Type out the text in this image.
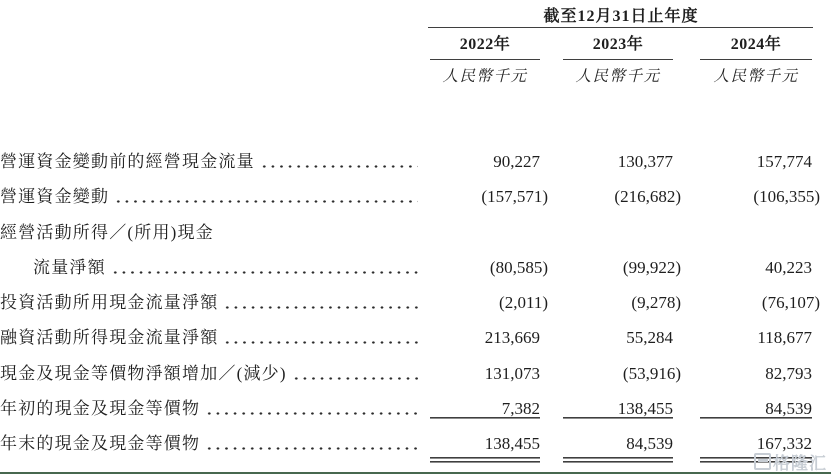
截至12月31日止年度
2022年	2023年	2024年
人民幣千元	人民幣千元	人民幣千元
營運資金變動前的經營現金流量	90,227	130,377	157,774
營運資金變動	(157,571)	(216,682)	(106,355)
經營活動所得／(所用)現金
流量淨額	(80,585)	(99,922)	40,223
投資活動所用現金流量淨額	(2,011)	(9,278)	(76,107)
融資活動所得現金流量淨額	213,669	55,284	118,677
現金及現金等價物淨額增加／(減少)	131,073	(53,916)	82,793
年初的現金及現金等價物	7,382	138,455	84,539
年末的現金及現金等價物	138,455	84,539	167,332
格隆汇
